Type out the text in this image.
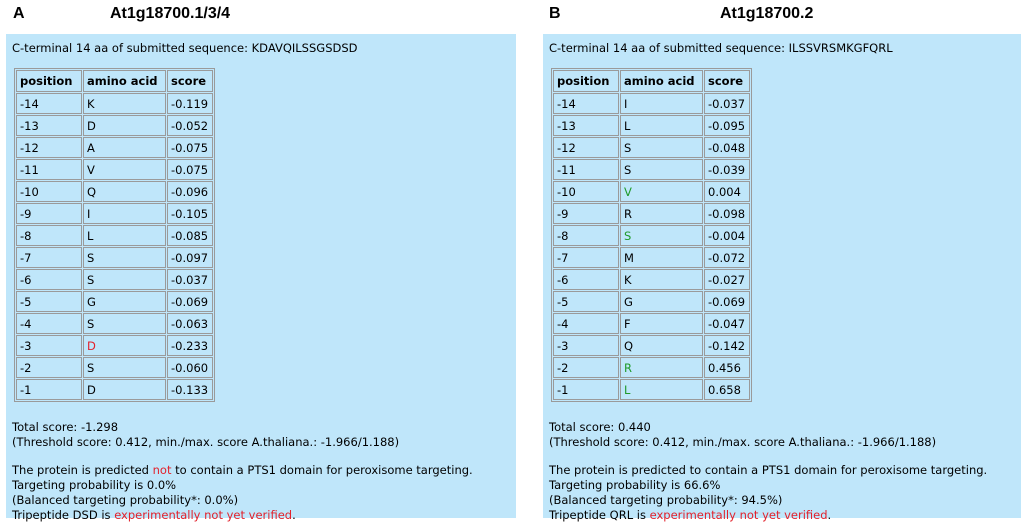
A	At1g18700.1/3/4
C-terminal 14 aa of submitted sequence: KDAVQILSSGSDSD
position	amino acid	score
-14	K	-0.119
-13	D	-0.052
-12	A	-0.075
-11	V	-0.075
-10	Q	-0.096
-9	I	-0.105
-8	L	-0.085
-7	S	-0.097
-6	S	-0.037
-5	G	-0.069
-4	S	-0.063
-3	D	-0.233
-2	S	-0.060
-1	D	-0.133
Total score: -1.298
(Threshold score: 0.412, min./max. score A.thaliana.: -1.966/1.188)
The protein is predicted not to contain a PTS1 domain for peroxisome targeting.
Targeting probability is 0.0%
(Balanced targeting probability*: 0.0%)
Tripeptide DSD is experimentally not yet verified.
B	At1g18700.2
C-terminal 14 aa of submitted sequence: ILSSVRSMKGFQRL
position	amino acid	score
-14	I	-0.037
-13	L	-0.095
-12	S	-0.048
-11	S	-0.039
-10	V	0.004
-9	R	-0.098
-8	S	-0.004
-7	M	-0.072
-6	K	-0.027
-5	G	-0.069
-4	F	-0.047
-3	Q	-0.142
-2	R	0.456
-1	L	0.658
Total score: 0.440
(Threshold score: 0.412, min./max. score A.thaliana.: -1.966/1.188)
The protein is predicted to contain a PTS1 domain for peroxisome targeting.
Targeting probability is 66.6%
(Balanced targeting probability*: 94.5%)
Tripeptide QRL is experimentally not yet verified.
